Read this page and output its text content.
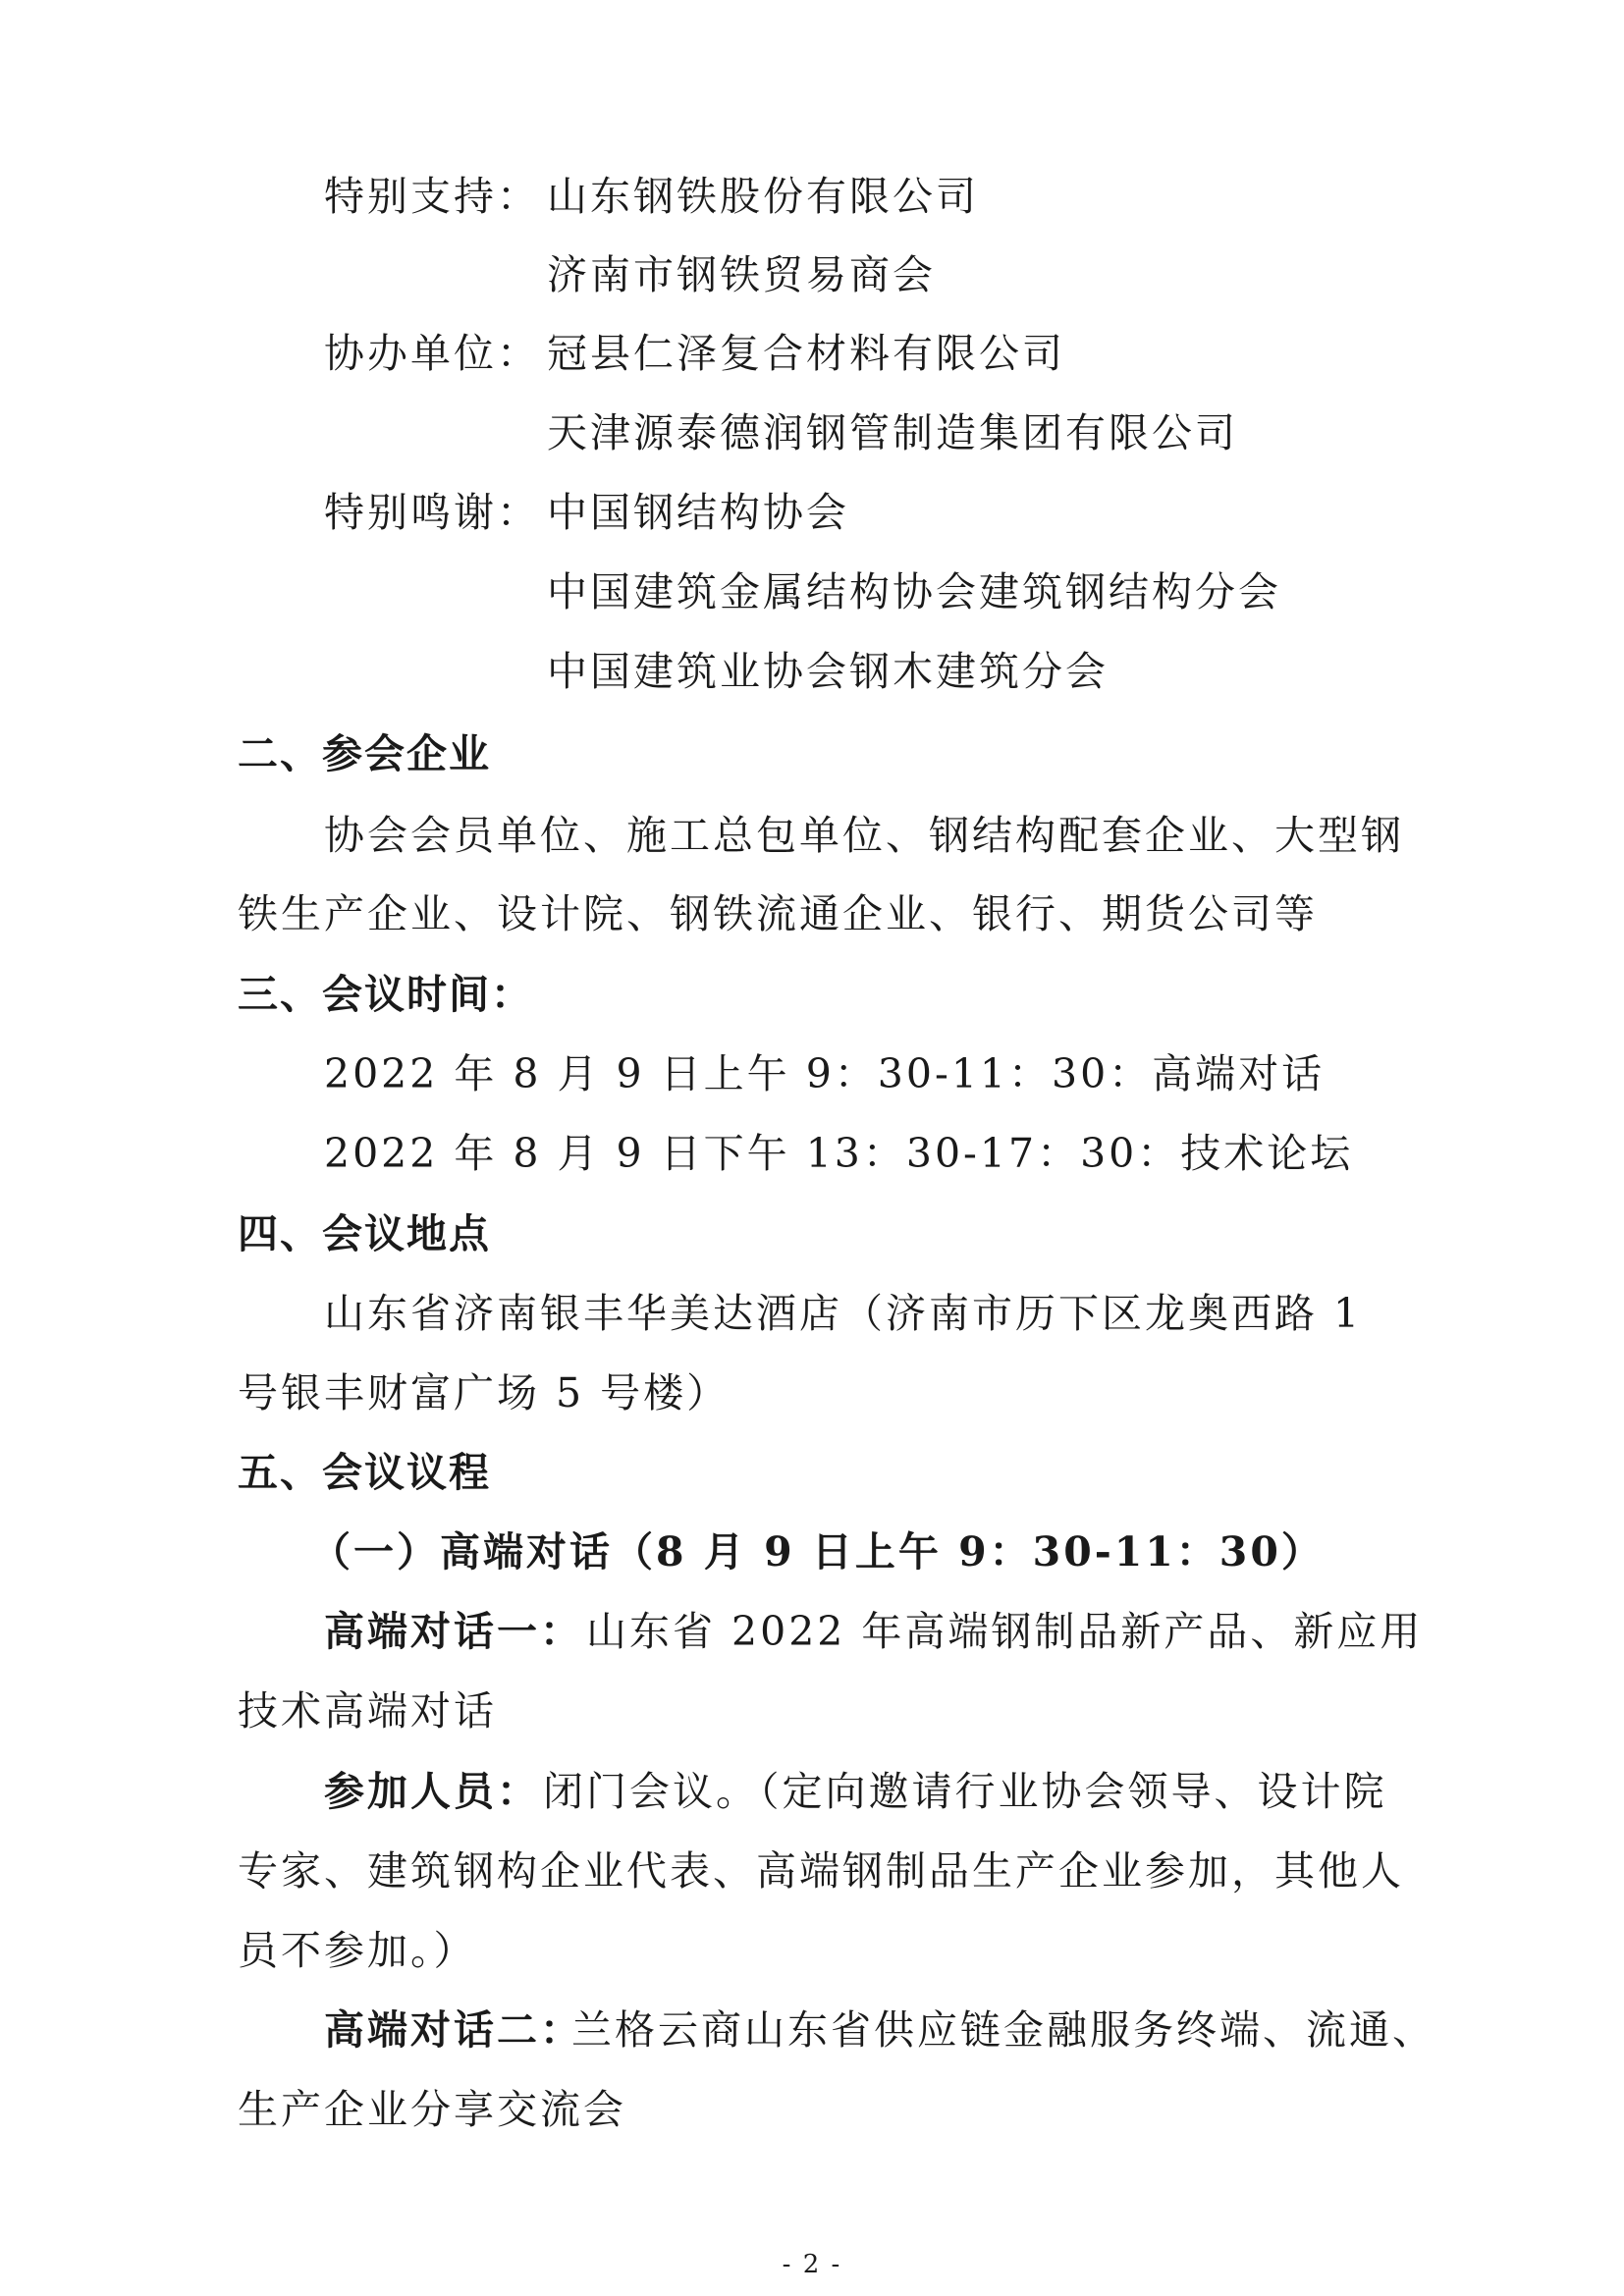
特别支持： 山东钢铁股份有限公司
济南市钢铁贸易商会
协办单位： 冠县仁泽复合材料有限公司
天津源泰德润钢管制造集团有限公司
特别鸣谢： 中国钢结构协会
中国建筑金属结构协会建筑钢结构分会
中国建筑业协会钢木建筑分会
二、参会企业
协会会员单位、施工总包单位、钢结构配套企业、大型钢
铁生产企业、设计院、钢铁流通企业、银行、期货公司等
三、会议时间：
2022 年 8 月 9 日上午 9：30-11：30：高端对话
2022 年 8 月 9 日下午 13：30-17：30：技术论坛
四、会议地点
山东省济南银丰华美达酒店（济南市历下区龙奥西路 1
号银丰财富广场 5 号楼）
五、会议议程
（一）高端对话（8 月 9 日上午 9：30-11：30）
高端对话一： 山东省 2022 年高端钢制品新产品、新应用
技术高端对话
参加人员： 闭门会议。（定向邀请行业协会领导、设计院
专家、建筑钢构企业代表、高端钢制品生产企业参加，其他人
员不参加。）
高端对话二：
兰格云商山东省供应链金融服务终端、流通、
生产企业分享交流会
- 2 -
